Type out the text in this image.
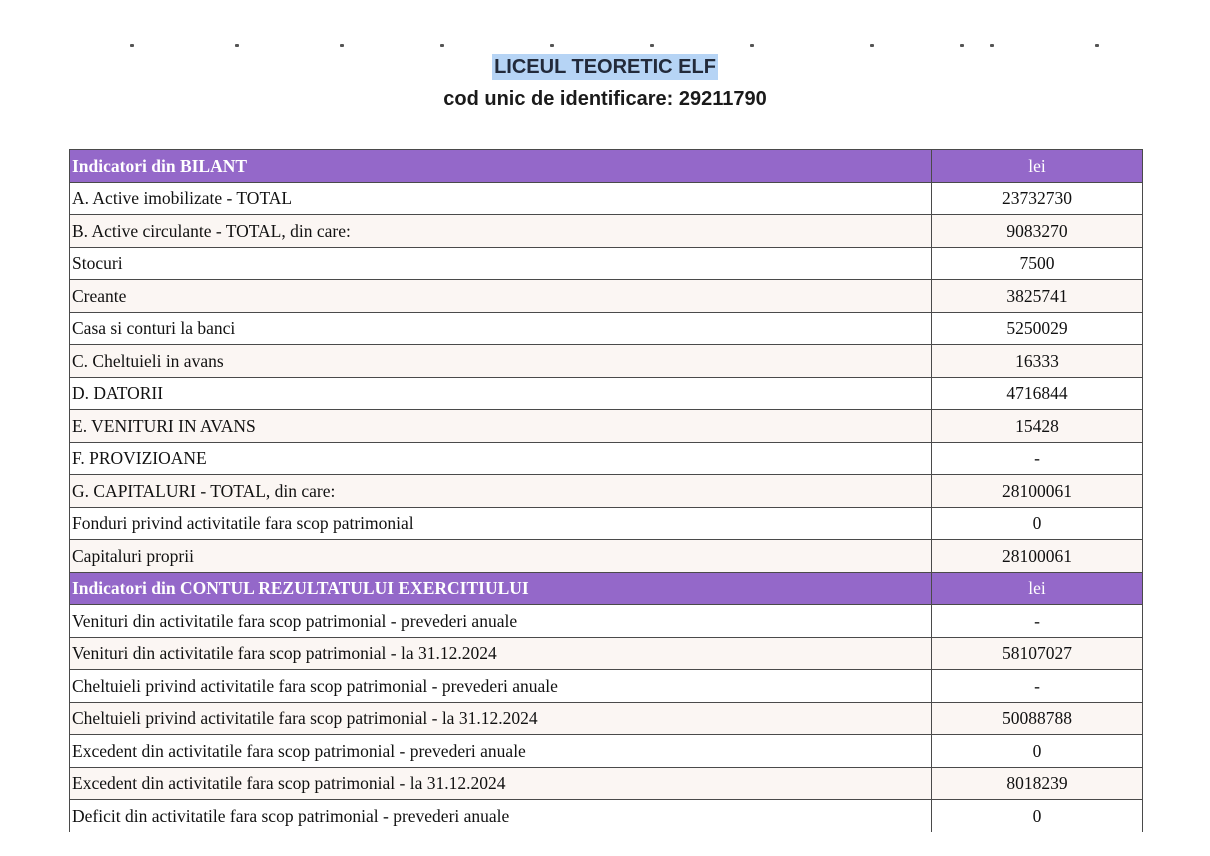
LICEUL TEORETIC ELF
cod unic de identificare: 29211790
Indicatori din BILANT	lei
A. Active imobilizate - TOTAL	23732730
B. Active circulante - TOTAL, din care:	9083270
Stocuri	7500
Creante	3825741
Casa si conturi la banci	5250029
C. Cheltuieli in avans	16333
D. DATORII	4716844
E. VENITURI IN AVANS	15428
F. PROVIZIOANE	-
G. CAPITALURI - TOTAL, din care:	28100061
Fonduri privind activitatile fara scop patrimonial	0
Capitaluri proprii	28100061
Indicatori din CONTUL REZULTATULUI EXERCITIULUI	lei
Venituri din activitatile fara scop patrimonial - prevederi anuale	-
Venituri din activitatile fara scop patrimonial - la 31.12.2024	58107027
Cheltuieli privind activitatile fara scop patrimonial - prevederi anuale	-
Cheltuieli privind activitatile fara scop patrimonial - la 31.12.2024	50088788
Excedent din activitatile fara scop patrimonial - prevederi anuale	0
Excedent din activitatile fara scop patrimonial - la 31.12.2024	8018239
Deficit din activitatile fara scop patrimonial - prevederi anuale	0
